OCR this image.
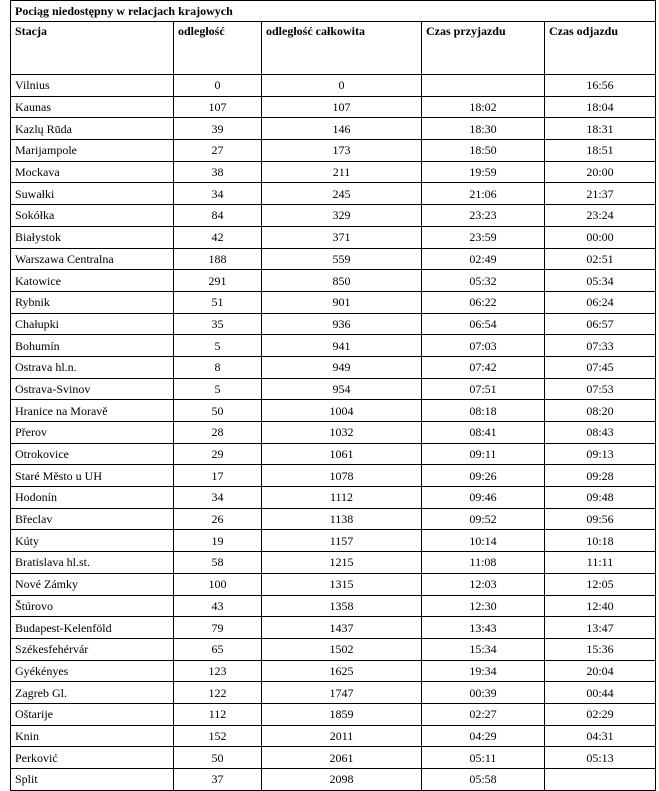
Pociąg niedostępny w relacjach krajowych				
Stacja	odległość	odległość całkowita	Czas przyjazdu	Czas odjazdu
Vilnius	0	0		16:56
Kaunas	107	107	18:02	18:04
Kazlų Rūda	39	146	18:30	18:31
Marijampole	27	173	18:50	18:51
Mockava	38	211	19:59	20:00
Suwałki	34	245	21:06	21:37
Sokółka	84	329	23:23	23:24
Białystok	42	371	23:59	00:00
Warszawa Centralna	188	559	02:49	02:51
Katowice	291	850	05:32	05:34
Rybnik	51	901	06:22	06:24
Chałupki	35	936	06:54	06:57
Bohumín	5	941	07:03	07:33
Ostrava hl.n.	8	949	07:42	07:45
Ostrava-Svinov	5	954	07:51	07:53
Hranice na Moravě	50	1004	08:18	08:20
Přerov	28	1032	08:41	08:43
Otrokovice	29	1061	09:11	09:13
Staré Město u UH	17	1078	09:26	09:28
Hodonín	34	1112	09:46	09:48
Břeclav	26	1138	09:52	09:56
Kúty	19	1157	10:14	10:18
Bratislava hl.st.	58	1215	11:08	11:11
Nové Zámky	100	1315	12:03	12:05
Štúrovo	43	1358	12:30	12:40
Budapest-Kelenföld	79	1437	13:43	13:47
Székesfehérvár	65	1502	15:34	15:36
Gyékényes	123	1625	19:34	20:04
Zagreb Gl.	122	1747	00:39	00:44
Oštarije	112	1859	02:27	02:29
Knin	152	2011	04:29	04:31
Perković	50	2061	05:11	05:13
Split	37	2098	05:58	
